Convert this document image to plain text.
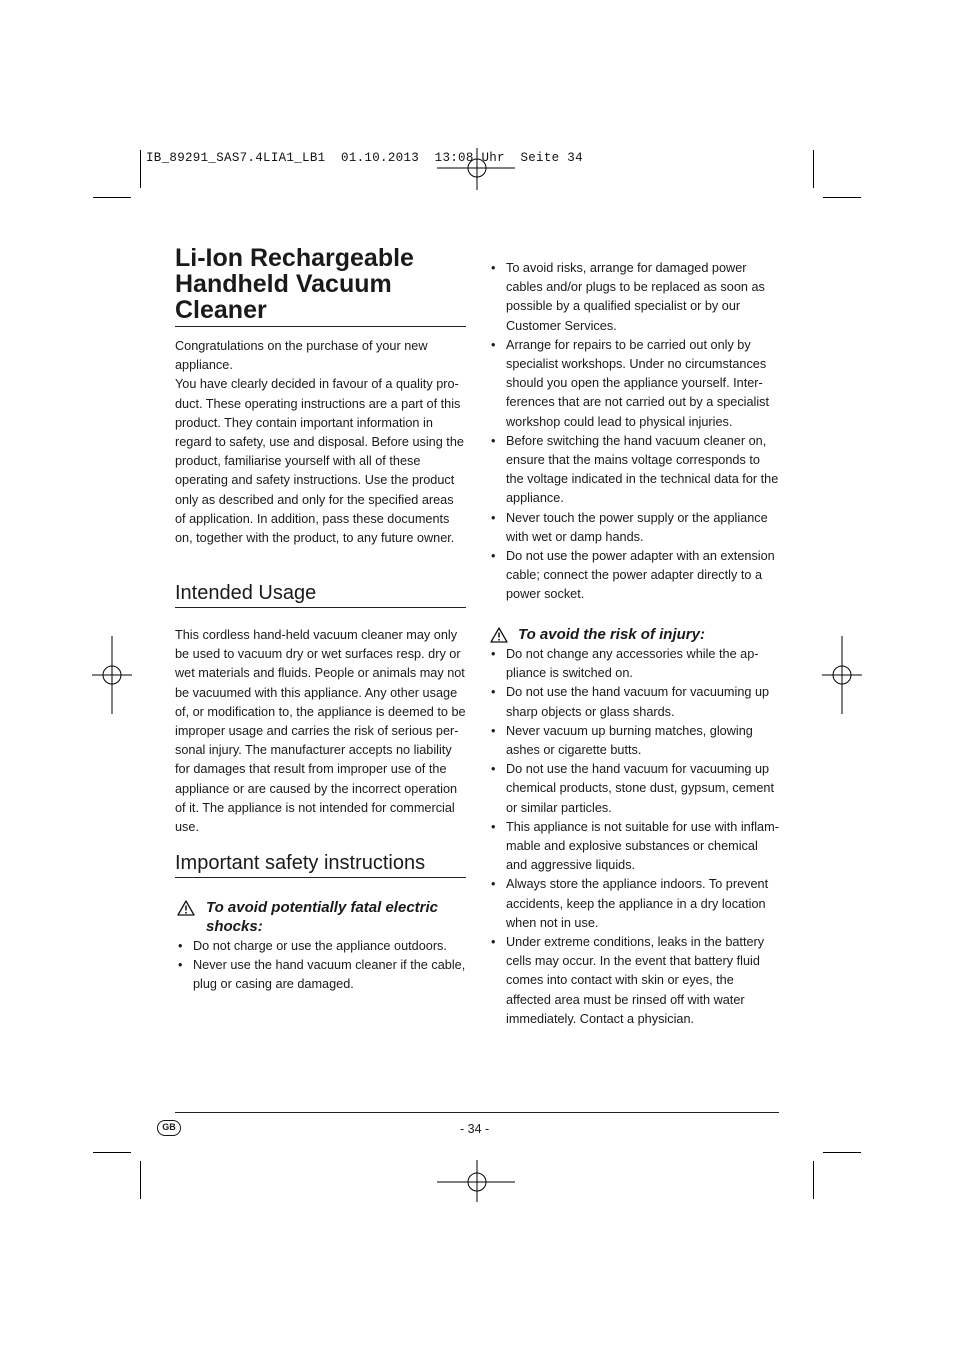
IB_89291_SAS7.4LIA1_LB1  01.10.2013  13:08 Uhr  Seite 34
Li-Ion Rechargeable Handheld Vacuum Cleaner

Congratulations on the purchase of your new appliance.

You have clearly decided in favour of a quality product. These operating instructions are a part of this product. They contain important information in regard to safety, use and disposal. Before using the product, familiarise yourself with all of these operating and safety instructions. Use the product only as described and only for the specified areas of application. In addition, pass these documents on, together with the product, to any future owner.

Intended Usage

This cordless hand-held vacuum cleaner may only be used to vacuum dry or wet surfaces resp. dry or wet materials and fluids. People or animals may not be vacuumed with this appliance. Any other usage of, or modification to, the appliance is deemed to be improper usage and carries the risk of serious personal injury. The manufacturer accepts no liability for damages that result from improper use of the appliance or are caused by the incorrect operation of it. The appliance is not intended for commercial use.

Important safety instructions
To avoid potentially fatal electric shocks:
• Do not charge or use the appliance outdoors.
• Never use the hand vacuum cleaner if the cable, plug or casing are damaged.
• To avoid risks, arrange for damaged power cables and/or plugs to be replaced as soon as possible by a qualified specialist or by our Customer Services.
• Arrange for repairs to be carried out only by specialist workshops. Under no circumstances should you open the appliance yourself. Interferences that are not carried out by a specialist workshop could lead to physical injuries.
• Before switching the hand vacuum cleaner on, ensure that the mains voltage corresponds to the voltage indicated in the technical data for the appliance.
• Never touch the power supply or the appliance with wet or damp hands.
• Do not use the power adapter with an extension cable; connect the power adapter directly to a power socket.
To avoid the risk of injury:
• Do not change any accessories while the appliance is switched on.
• Do not use the hand vacuum for vacuuming up sharp objects or glass shards.
• Never vacuum up burning matches, glowing ashes or cigarette butts.
• Do not use the hand vacuum for vacuuming up chemical products, stone dust, gypsum, cement or similar particles.
• This appliance is not suitable for use with inflammable and explosive substances or chemical and aggressive liquids.
• Always store the appliance indoors. To prevent accidents, keep the appliance in a dry location when not in use.
• Under extreme conditions, leaks in the battery cells may occur. In the event that battery fluid comes into contact with skin or eyes, the affected area must be rinsed off with water immediately. Contact a physician.
GB	- 34 -
